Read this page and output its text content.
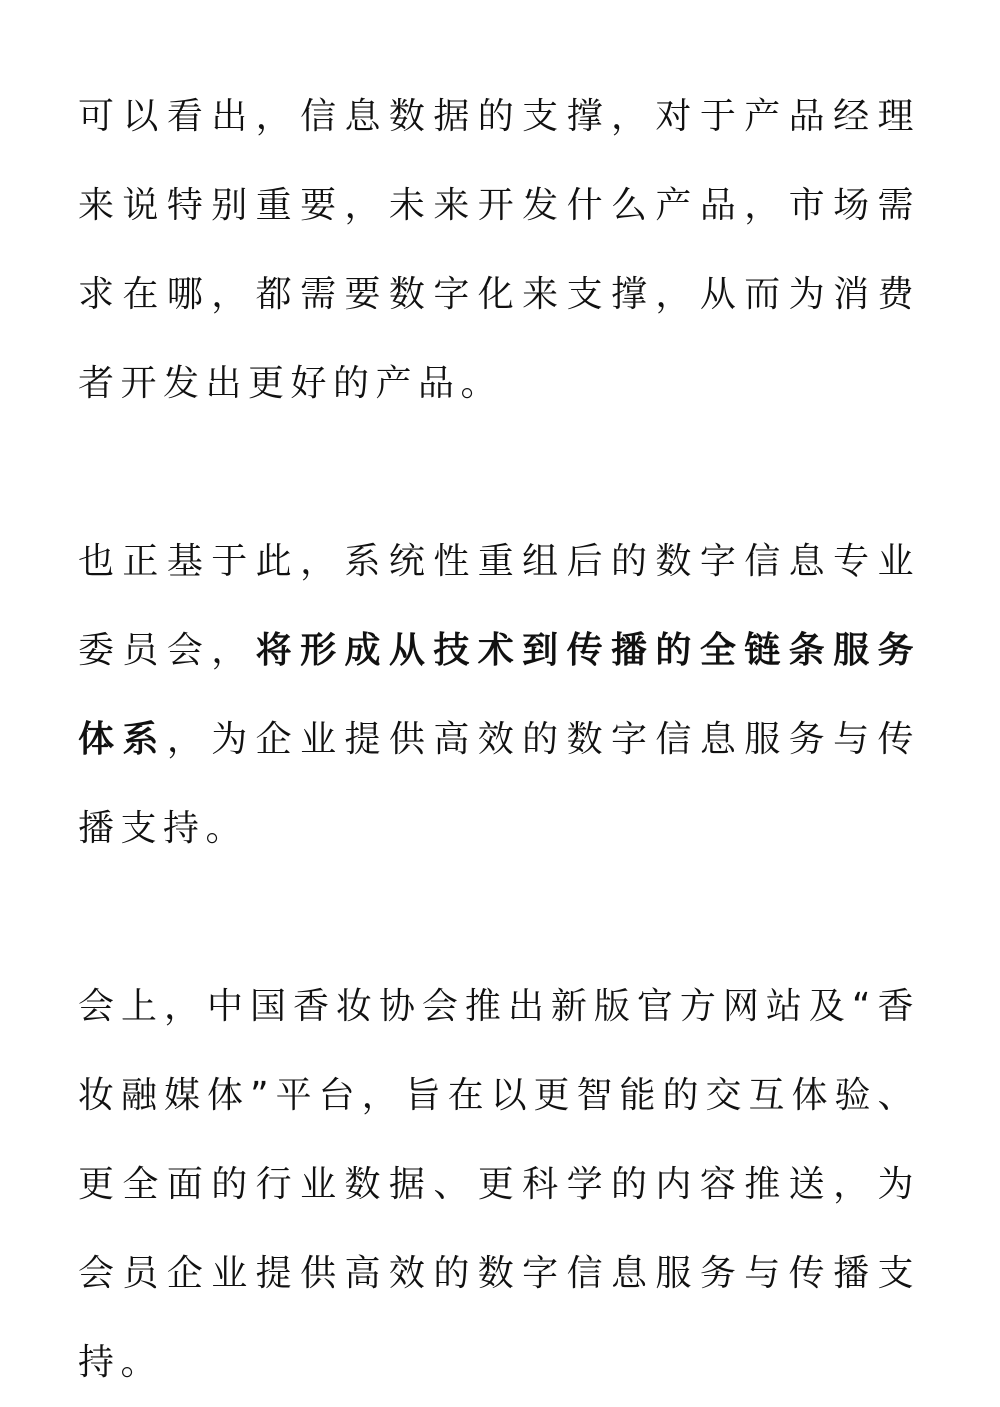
可以看出，信息数据的支撑，对于产品经理来说特别重要，未来开发什么产品，市场需求在哪，都需要数字化来支撑，从而为消费者开发出更好的产品。

也正基于此，系统性重组后的数字信息专业委员会，将形成从技术到传播的全链条服务体系，为企业提供高效的数字信息服务与传播支持。

会上，中国香妆协会推出新版官方网站及“香妆融媒体”平台，旨在以更智能的交互体验、更全面的行业数据、更科学的内容推送，为会员企业提供高效的数字信息服务与传播支持。
